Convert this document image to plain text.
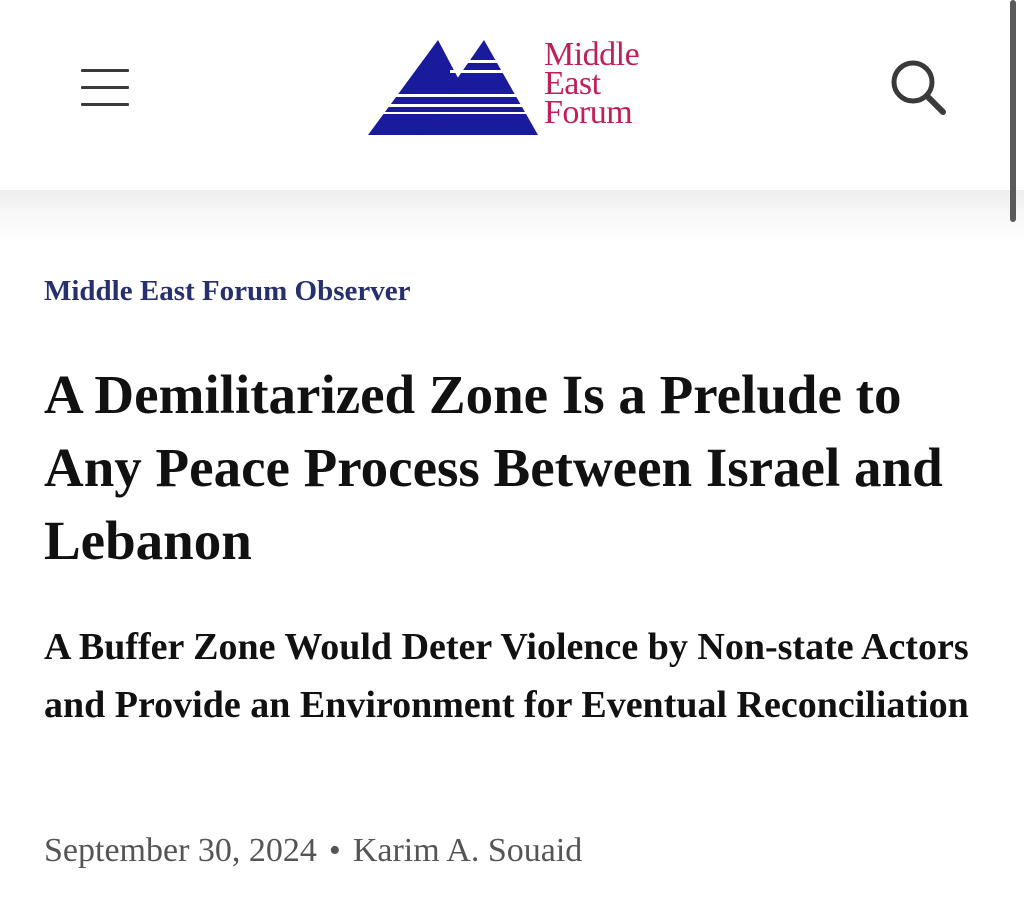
Middle
East
Forum
Middle East Forum Observer
A Demilitarized Zone Is a Prelude to Any Peace Process Between Israel and Lebanon
A Buffer Zone Would Deter Violence by Non-state Actors and Provide an Environment for Eventual Reconciliation
September 30, 2024 • Karim A. Souaid
